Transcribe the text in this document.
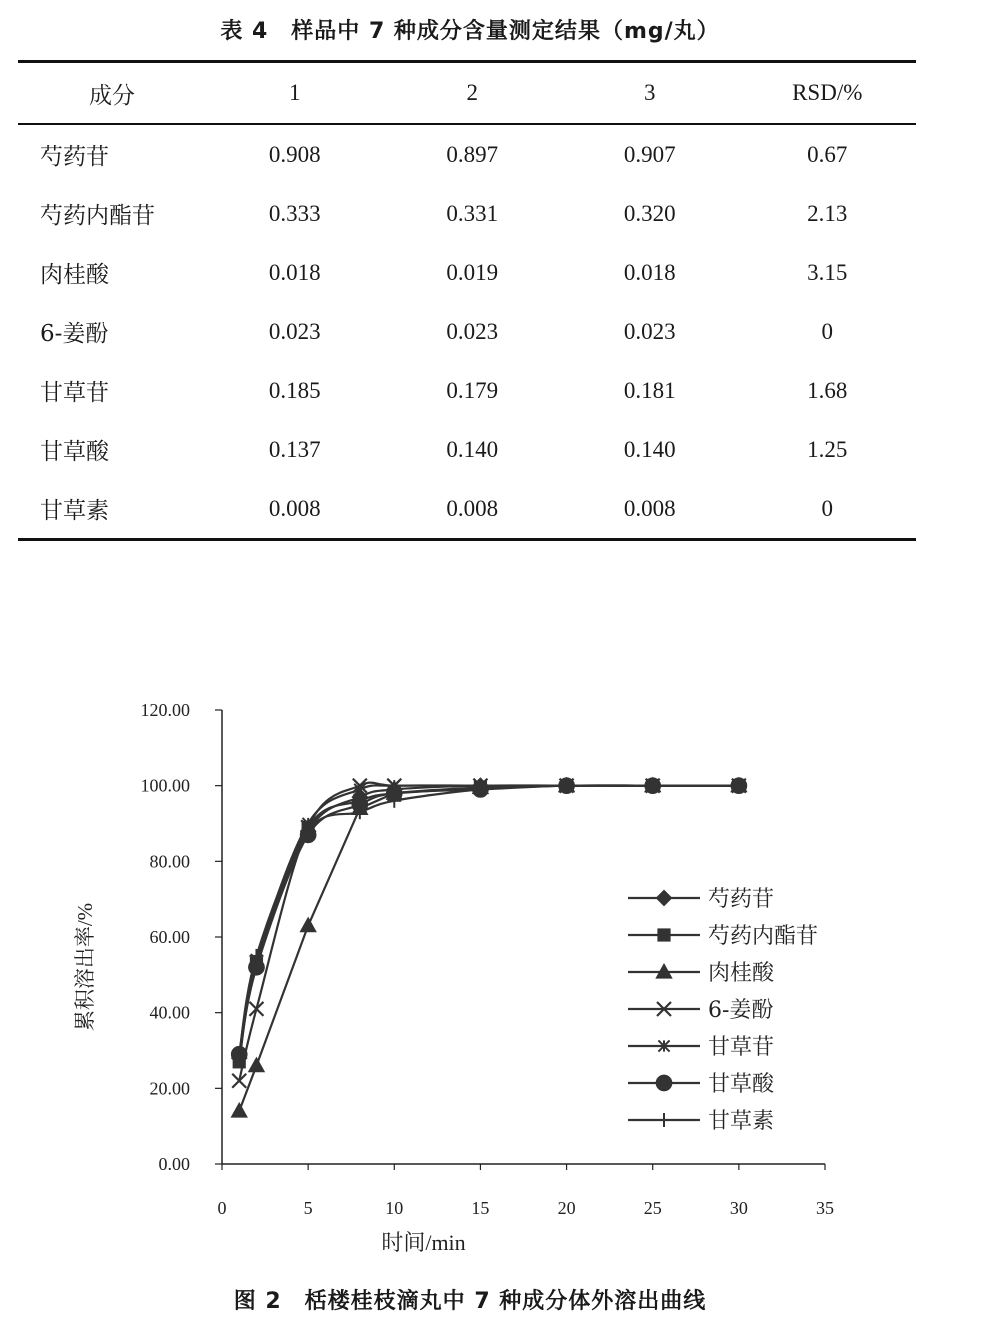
表 4　样品中 7 种成分含量测定结果（mg/丸）
成分	1	2	3	RSD/%
芍药苷	0.908	0.897	0.907	0.67
芍药内酯苷	0.333	0.331	0.320	2.13
肉桂酸	0.018	0.019	0.018	3.15
6-姜酚	0.023	0.023	0.023	0
甘草苷	0.185	0.179	0.181	1.68
甘草酸	0.137	0.140	0.140	1.25
甘草素	0.008	0.008	0.008	0
0.00
20.00
40.00
60.00
80.00
100.00
120.00
0	5	10	15	20	25	30	35
时间/min
累积溶出率/%
芍药苷
芍药内酯苷
肉桂酸
6-姜酚
甘草苷
甘草酸
甘草素
图 2　栝楼桂枝滴丸中 7 种成分体外溶出曲线
